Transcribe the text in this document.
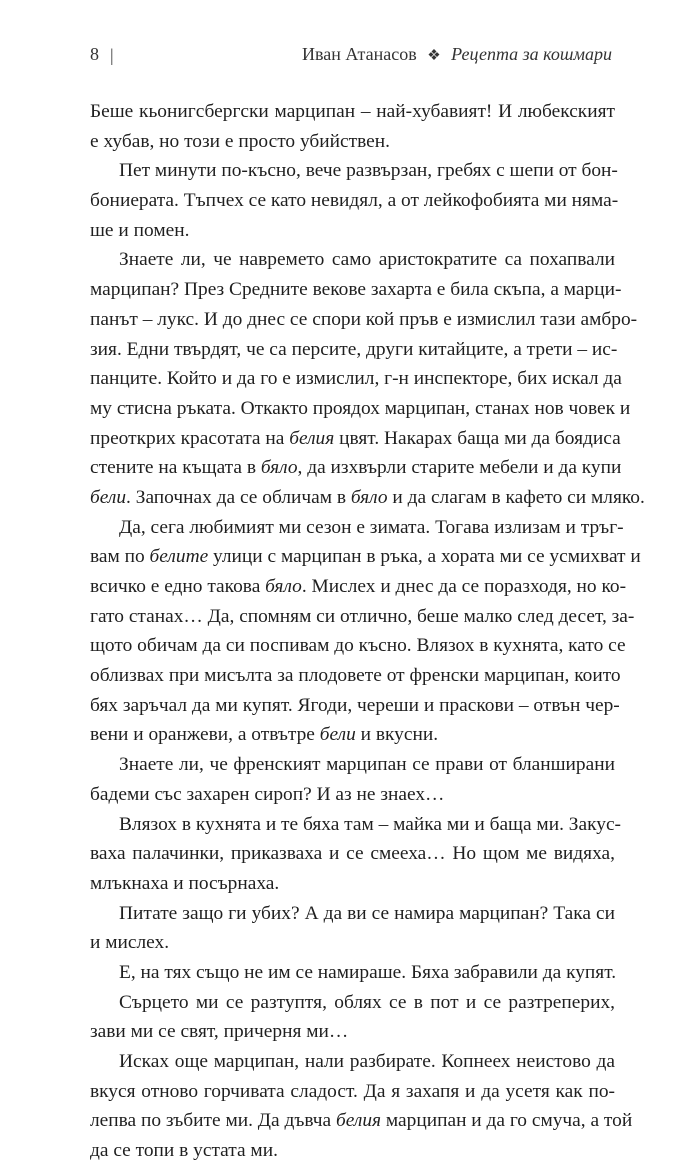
8 |	Иван Атанасов ❖ Рецепта за кошмари
Беше кьонигсбергски марципан – най-хубавият! И любекският
е хубав, но този е просто убийствен.
Пет минути по-късно, вече развързан, гребях с шепи от бон-
бониерата. Тъпчех се като невидял, а от лейкофобията ми няма-
ше и помен.
Знаете ли, че навремето само аристократите са похапвали
марципан? През Средните векове захарта е била скъпа, а марци-
панът – лукс. И до днес се спори кой пръв е измислил тази амбро-
зия. Едни твърдят, че са персите, други китайците, а трети – ис-
панците. Който и да го е измислил, г-н инспекторе, бих искал да
му стисна ръката. Откакто проядох марципан, станах нов човек и
преоткрих красотата на белия цвят. Накарах баща ми да боядиса
стените на къщата в бяло, да изхвърли старите мебели и да купи
бели. Започнах да се обличам в бяло и да слагам в кафето си мляко.
Да, сега любимият ми сезон е зимата. Тогава излизам и тръг-
вам по белите улици с марципан в ръка, а хората ми се усмихват и
всичко е едно такова бяло. Мислех и днес да се поразходя, но ко-
гато станах… Да, спомням си отлично, беше малко след десет, за-
щото обичам да си поспивам до късно. Влязох в кухнята, като се
облизвах при мисълта за плодовете от френски марципан, които
бях заръчал да ми купят. Ягоди, череши и праскови – отвън чер-
вени и оранжеви, а отвътре бели и вкусни.
Знаете ли, че френският марципан се прави от бланширани
бадеми със захарен сироп? И аз не знаех…
Влязох в кухнята и те бяха там – майка ми и баща ми. Закус-
ваха палачинки, приказваха и се смееха… Но щом ме видяха,
млъкнаха и посърнаха.
Питате защо ги убих? А да ви се намира марципан? Така си
и мислех.
Е, на тях също не им се намираше. Бяха забравили да купят.
Сърцето ми се разтуптя, облях се в пот и се разтреперих,
зави ми се свят, причерня ми…
Исках още марципан, нали разбирате. Копнеех неистово да
вкуся отново горчивата сладост. Да я захапя и да усетя как по-
лепва по зъбите ми. Да дъвча белия марципан и да го смуча, а той
да се топи в устата ми.
